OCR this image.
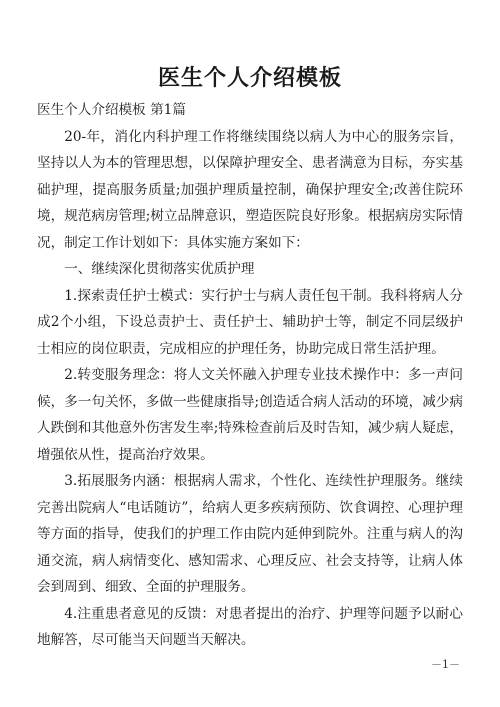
医生个人介绍模板

医生个人介绍模板 第1篇

20-年，消化内科护理工作将继续围绕以病人为中心的服务宗旨，坚持以人为本的管理思想，以保障护理安全、患者满意为目标，夯实基础护理，提高服务质量;加强护理质量控制，确保护理安全;改善住院环境，规范病房管理;树立品牌意识，塑造医院良好形象。根据病房实际情况，制定工作计划如下：具体实施方案如下：

一、继续深化贯彻落实优质护理

1.探索责任护士模式：实行护士与病人责任包干制。我科将病人分成2个小组，下设总责护士、责任护士、辅助护士等，制定不同层级护士相应的岗位职责，完成相应的护理任务，协助完成日常生活护理。

2.转变服务理念：将人文关怀融入护理专业技术操作中：多一声问候，多一句关怀，多做一些健康指导;创造适合病人活动的环境，减少病人跌倒和其他意外伤害发生率;特殊检查前后及时告知，减少病人疑虑，增强依从性，提高治疗效果。

3.拓展服务内涵：根据病人需求，个性化、连续性护理服务。继续完善出院病人“电话随访”，给病人更多疾病预防、饮食调控、心理护理等方面的指导，使我们的护理工作由院内延伸到院外。注重与病人的沟通交流，病人病情变化、感知需求、心理反应、社会支持等，让病人体会到周到、细致、全面的护理服务。

4.注重患者意见的反馈：对患者提出的治疗、护理等问题予以耐心地解答，尽可能当天问题当天解决。

－1－
